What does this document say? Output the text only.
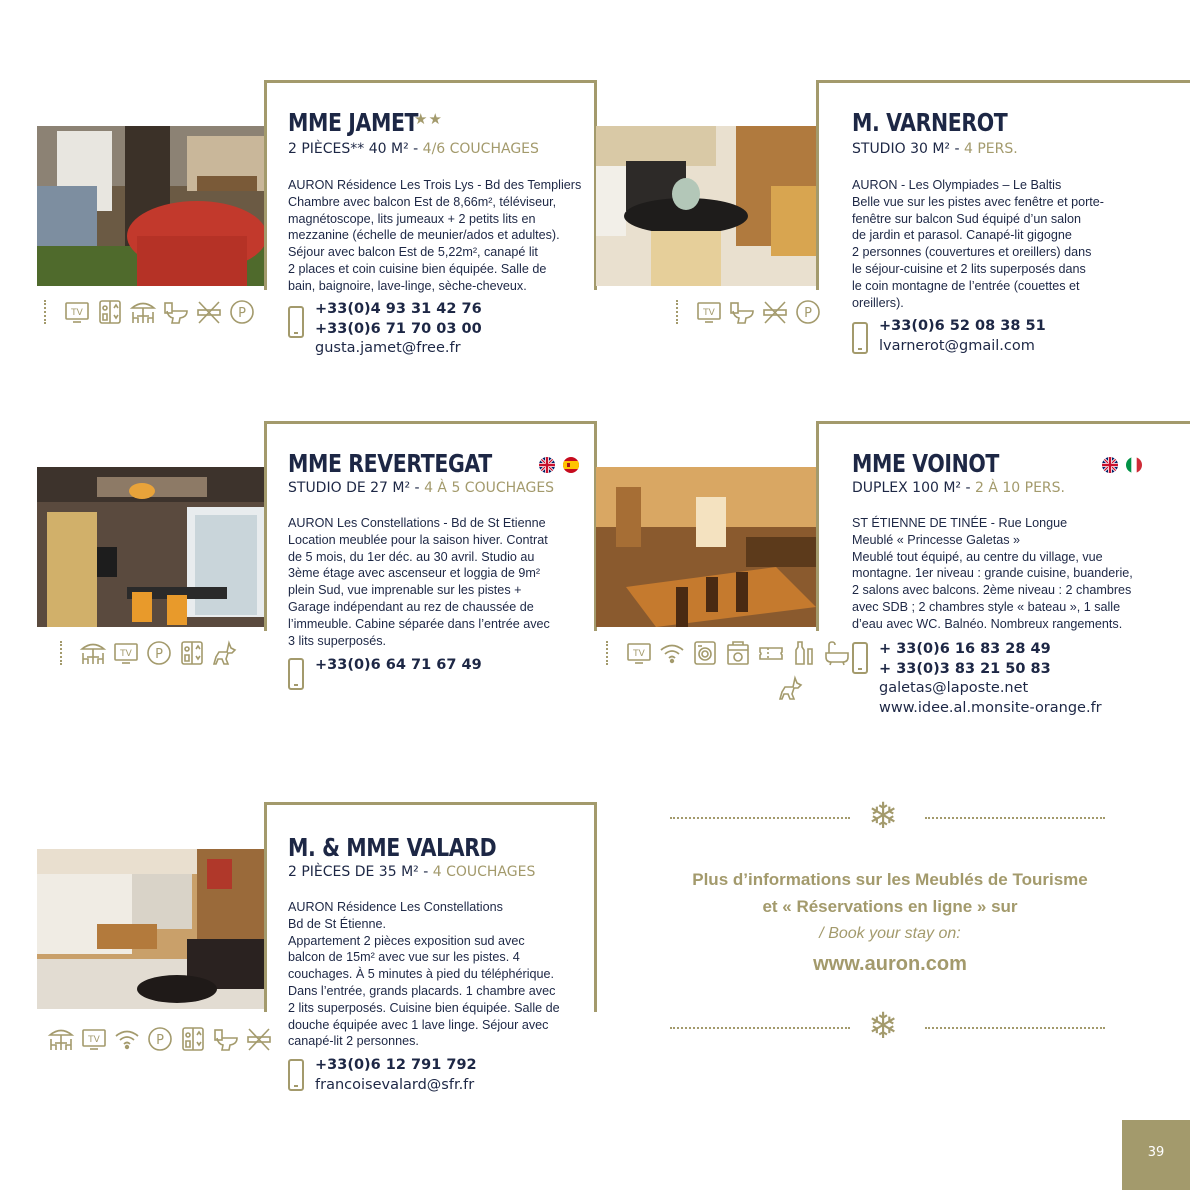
MME JAMET
★★
2 PIÈCES** 40 M² - 4/6 COUCHAGES
AURON Résidence Les Trois Lys - Bd des Templiers
Chambre avec balcon Est de 8,66m², téléviseur,
magnétoscope, lits jumeaux + 2 petits lits en
mezzanine (échelle de meunier/ados et adultes).
Séjour avec balcon Est de 5,22m², canapé lit
2 places et coin cuisine bien équipée. Salle de
bain, baignoire, lave-linge, sèche-cheveux.
+33(0)4 93 31 42 76
+33(0)6 71 70 03 00
gusta.jamet@free.fr
TV	P
M. VARNEROT
STUDIO 30 M² - 4 PERS.
AURON - Les Olympiades – Le Baltis
Belle vue sur les pistes avec fenêtre et porte-
fenêtre sur balcon Sud équipé d’un salon
de jardin et parasol. Canapé-lit gigogne
2 personnes (couvertures et oreillers) dans
le séjour-cuisine et 2 lits superposés dans
le coin montagne de l’entrée (couettes et
oreillers).
+33(0)6 52 08 38 51
lvarnerot@gmail.com
TV	P
MME REVERTEGAT
STUDIO DE 27 M² - 4 À 5 COUCHAGES
AURON Les Constellations - Bd de St Etienne
Location meublée pour la saison hiver. Contrat
de 5 mois, du 1er déc. au 30 avril. Studio au
3ème étage avec ascenseur et loggia de 9m²
plein Sud, vue imprenable sur les pistes +
Garage indépendant au rez de chaussée de
l’immeuble. Cabine séparée dans l’entrée avec
3 lits superposés.
+33(0)6 64 71 67 49
TV P
MME VOINOT
DUPLEX 100 M² - 2 À 10 PERS.
ST ÉTIENNE DE TINÉE - Rue Longue
Meublé « Princesse Galetas »
Meublé tout équipé, au centre du village, vue
montagne. 1er niveau : grande cuisine, buanderie,
2 salons avec balcons. 2ème niveau : 2 chambres
avec SDB ; 2 chambres style « bateau », 1 salle
d’eau avec WC. Balnéo. Nombreux rangements.
+ 33(0)6 16 83 28 49
+ 33(0)3 83 21 50 83
galetas@laposte.net
www.idee.al.monsite-orange.fr
TV
M. & MME VALARD
2 PIÈCES DE 35 M² - 4 COUCHAGES
AURON Résidence Les Constellations
Bd de St Étienne.
Appartement 2 pièces exposition sud avec
balcon de 15m² avec vue sur les pistes. 4
couchages. À 5 minutes à pied du téléphérique.
Dans l’entrée, grands placards. 1 chambre avec
2 lits superposés. Cuisine bien équipée. Salle de
douche équipée avec 1 lave linge. Séjour avec
canapé-lit 2 personnes.
+33(0)6 12 791 792
francoisevalard@sfr.fr
TV	P
❄
Plus d’informations sur les Meublés de Tourisme
et « Réservations en ligne » sur
/ Book your stay on:
www.auron.com
❄
39
